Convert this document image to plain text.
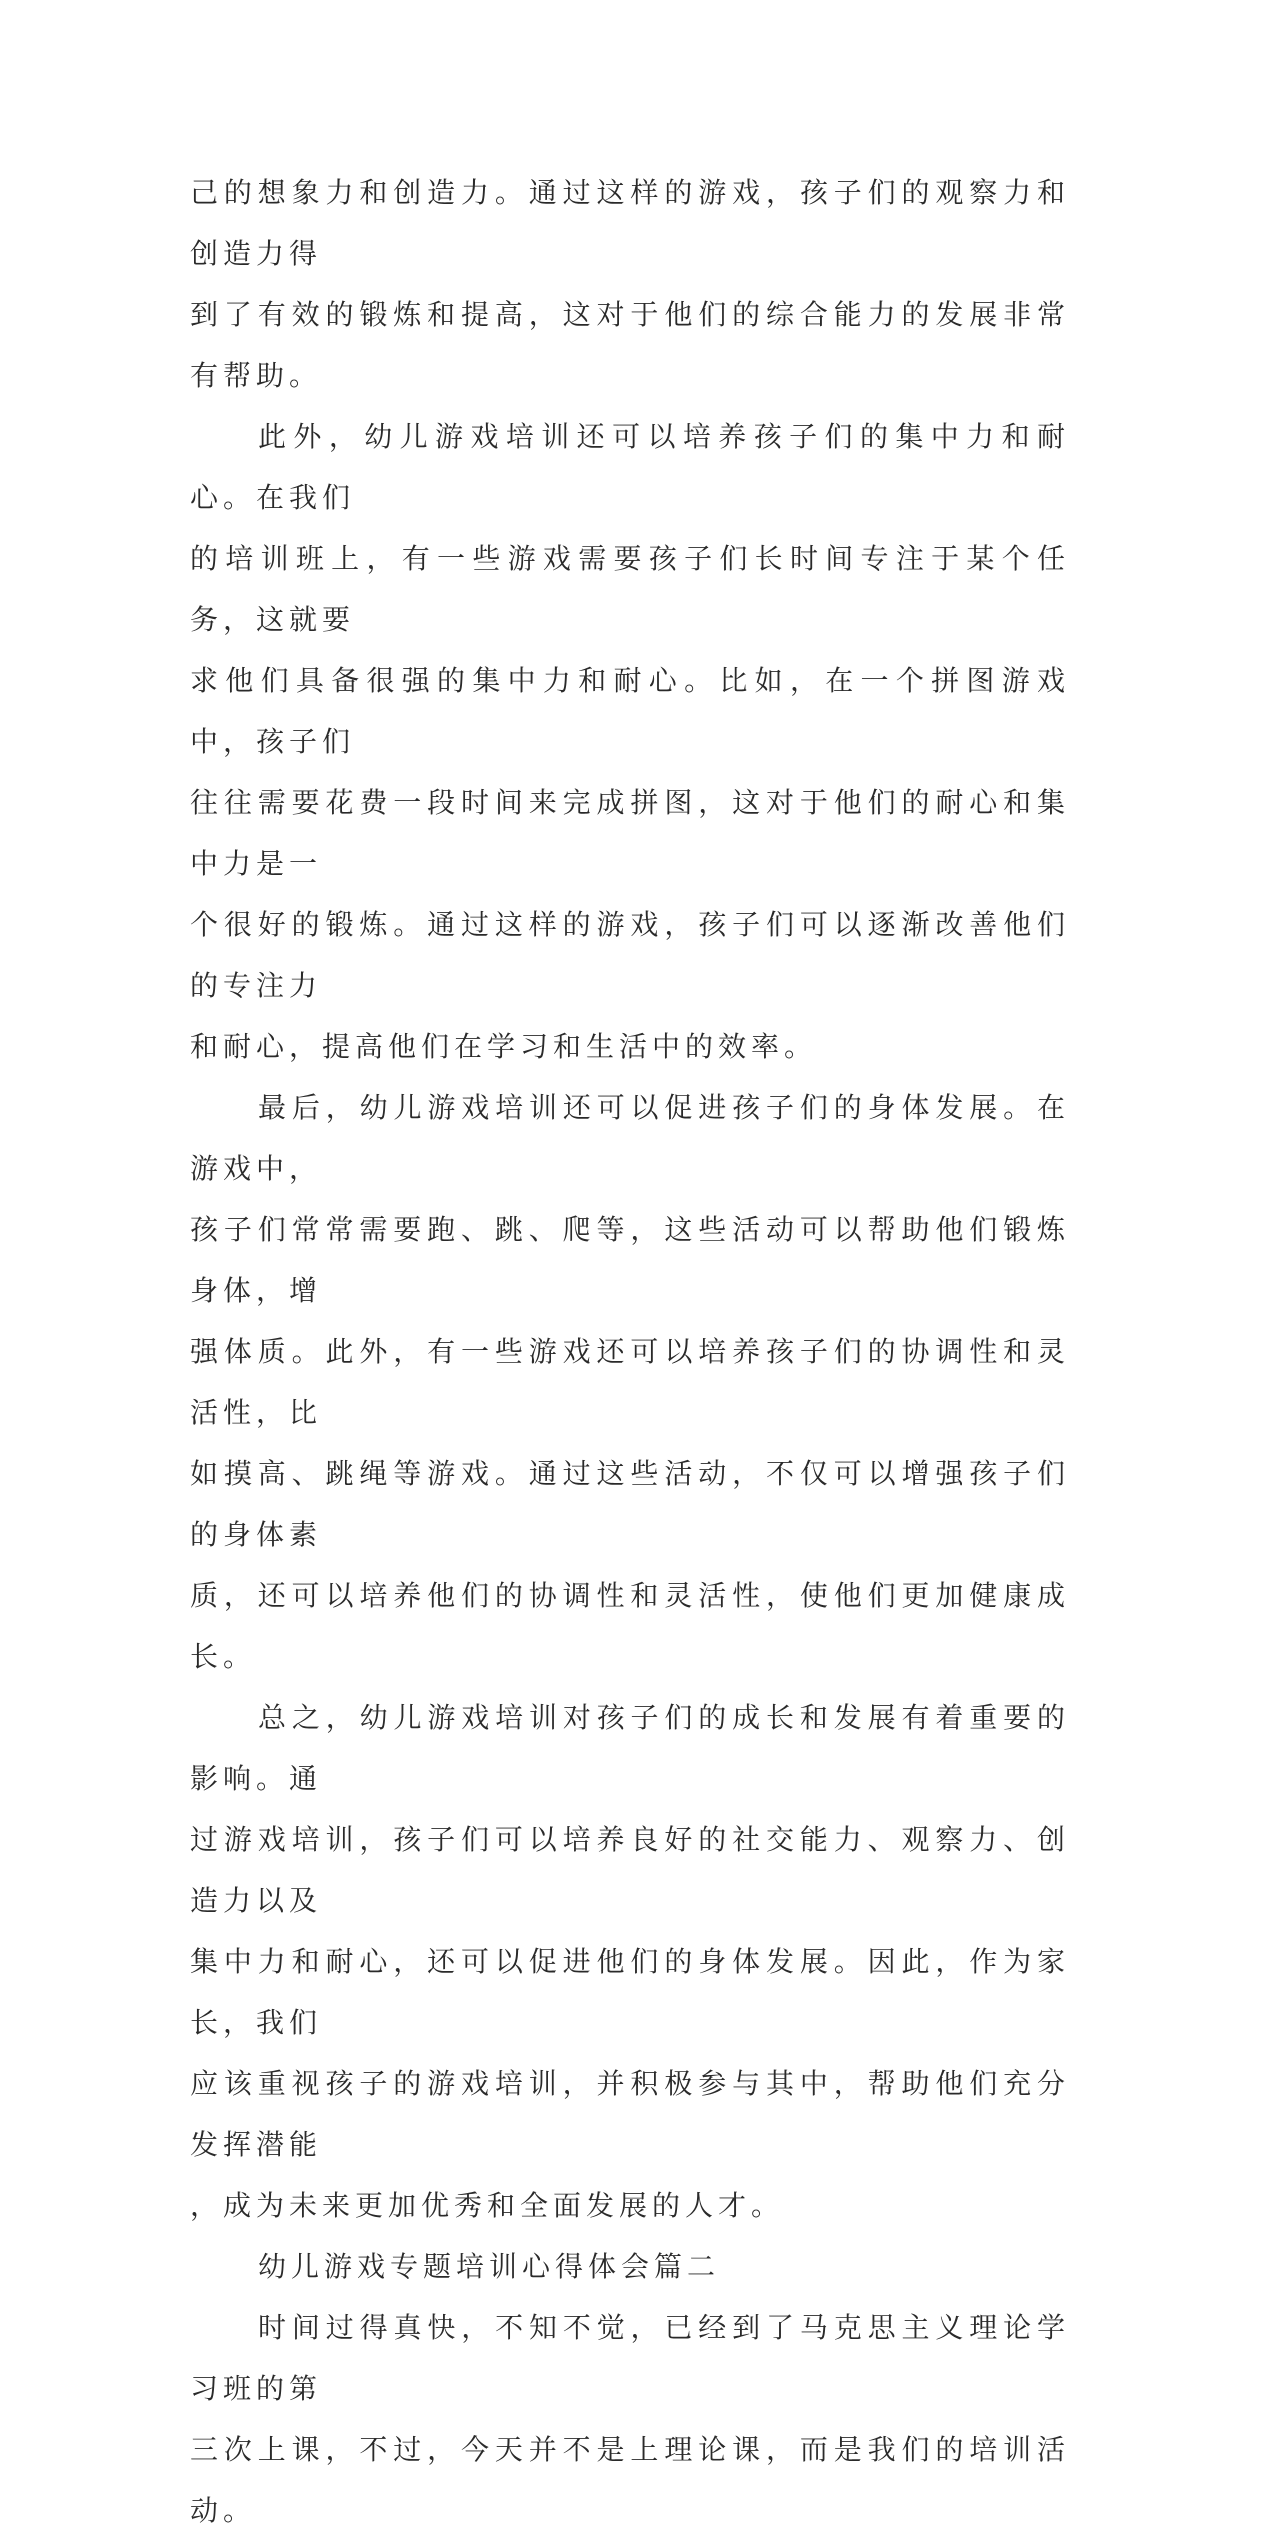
己的想象力和创造力。通过这样的游戏，孩子们的观察力和创造力得
到了有效的锻炼和提高，这对于他们的综合能力的发展非常有帮助。

此外，幼儿游戏培训还可以培养孩子们的集中力和耐心。在我们
的培训班上，有一些游戏需要孩子们长时间专注于某个任务，这就要
求他们具备很强的集中力和耐心。比如，在一个拼图游戏中，孩子们
往往需要花费一段时间来完成拼图，这对于他们的耐心和集中力是一
个很好的锻炼。通过这样的游戏，孩子们可以逐渐改善他们的专注力
和耐心，提高他们在学习和生活中的效率。

最后，幼儿游戏培训还可以促进孩子们的身体发展。在游戏中，
孩子们常常需要跑、跳、爬等，这些活动可以帮助他们锻炼身体，增
强体质。此外，有一些游戏还可以培养孩子们的协调性和灵活性，比
如摸高、跳绳等游戏。通过这些活动，不仅可以增强孩子们的身体素
质，还可以培养他们的协调性和灵活性，使他们更加健康成长。

总之，幼儿游戏培训对孩子们的成长和发展有着重要的影响。通
过游戏培训，孩子们可以培养良好的社交能力、观察力、创造力以及
集中力和耐心，还可以促进他们的身体发展。因此，作为家长，我们
应该重视孩子的游戏培训，并积极参与其中，帮助他们充分发挥潜能
，成为未来更加优秀和全面发展的人才。

幼儿游戏专题培训心得体会篇二

时间过得真快，不知不觉，已经到了马克思主义理论学习班的第
三次上课，不过，今天并不是上理论课，而是我们的培训活动。
